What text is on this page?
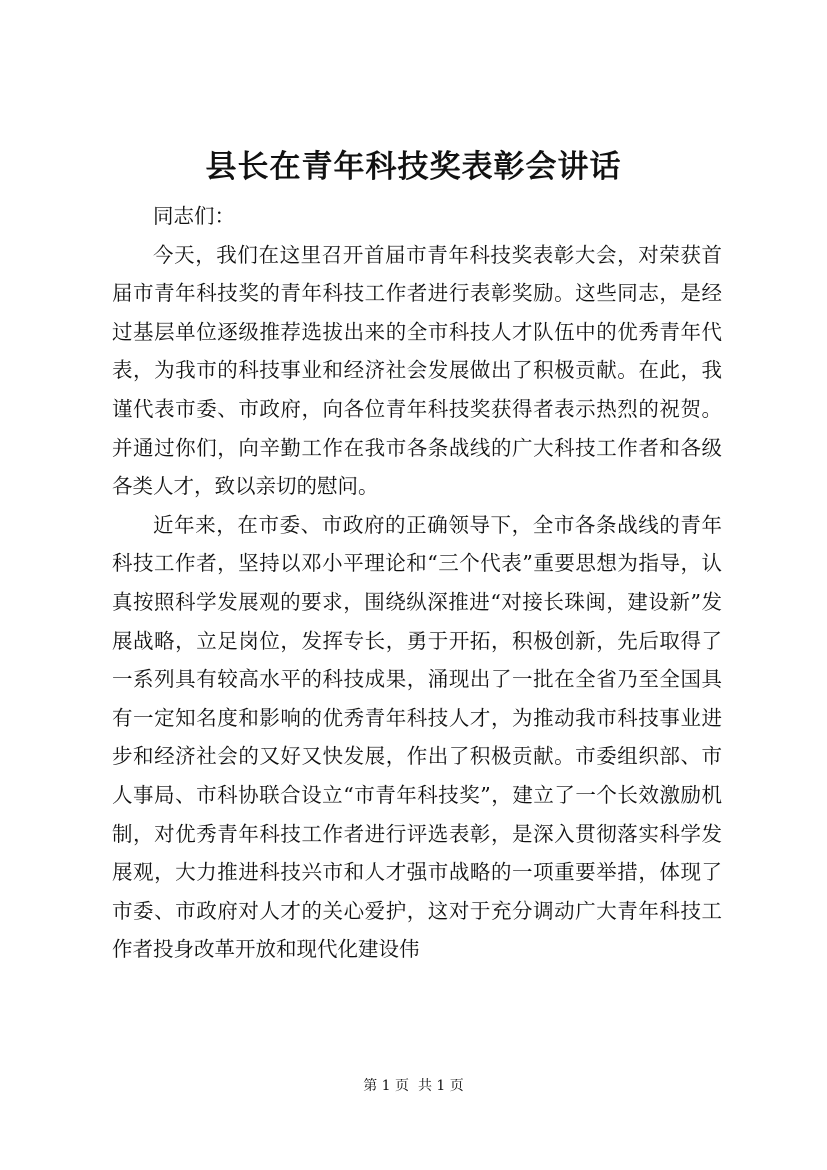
县长在青年科技奖表彰会讲话

同志们：

今天，我们在这里召开首届市青年科技奖表彰大会，对荣获首届市青年科技奖的青年科技工作者进行表彰奖励。这些同志，是经过基层单位逐级推荐选拔出来的全市科技人才队伍中的优秀青年代表，为我市的科技事业和经济社会发展做出了积极贡献。在此，我谨代表市委、市政府，向各位青年科技奖获得者表示热烈的祝贺。并通过你们，向辛勤工作在我市各条战线的广大科技工作者和各级各类人才，致以亲切的慰问。

近年来，在市委、市政府的正确领导下，全市各条战线的青年科技工作者，坚持以邓小平理论和“三个代表”重要思想为指导，认真按照科学发展观的要求，围绕纵深推进“对接长珠闽，建设新”发展战略，立足岗位，发挥专长，勇于开拓，积极创新，先后取得了一系列具有较高水平的科技成果，涌现出了一批在全省乃至全国具有一定知名度和影响的优秀青年科技人才，为推动我市科技事业进步和经济社会的又好又快发展，作出了积极贡献。市委组织部、市人事局、市科协联合设立“市青年科技奖”，建立了一个长效激励机制，对优秀青年科技工作者进行评选表彰，是深入贯彻落实科学发展观，大力推进科技兴市和人才强市战略的一项重要举措，体现了市委、市政府对人才的关心爱护，这对于充分调动广大青年科技工作者投身改革开放和现代化建设伟

第 1 页  共 1 页
